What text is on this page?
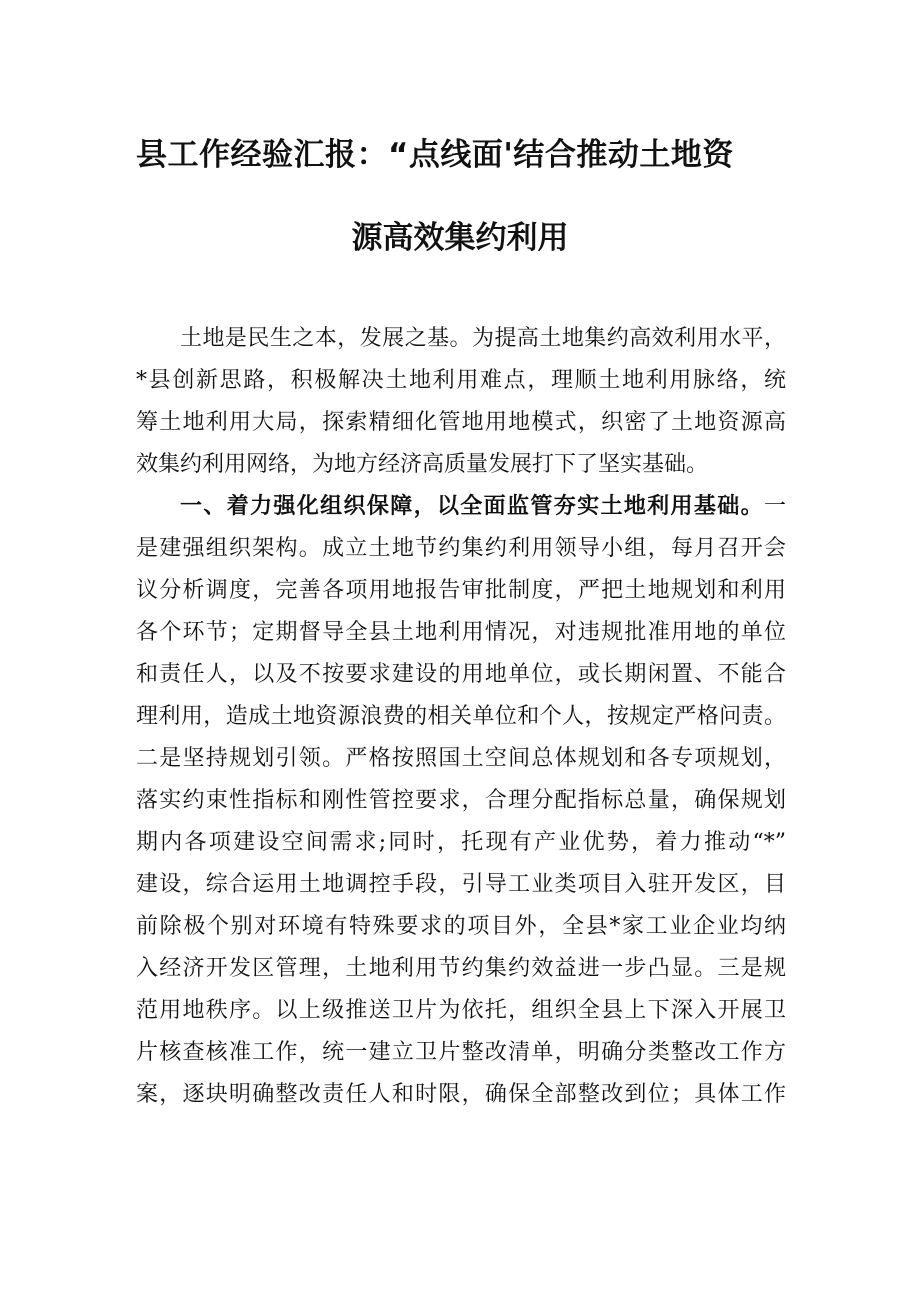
县工作经验汇报：“点线面'结合推动土地资
源高效集约利用
土地是民生之本，发展之基。为提高土地集约高效利用水平，
*县创新思路，积极解决土地利用难点，理顺土地利用脉络，统
筹土地利用大局，探索精细化管地用地模式，织密了土地资源高
效集约利用网络，为地方经济高质量发展打下了坚实基础。
一、着力强化组织保障，以全面监管夯实土地利用基础。一
是建强组织架构。成立土地节约集约利用领导小组，每月召开会
议分析调度，完善各项用地报告审批制度，严把土地规划和利用
各个环节；定期督导全县土地利用情况，对违规批准用地的单位
和责任人，以及不按要求建设的用地单位，或长期闲置、不能合
理利用，造成土地资源浪费的相关单位和个人，按规定严格问责。
二是坚持规划引领。严格按照国土空间总体规划和各专项规划，
落实约束性指标和刚性管控要求，合理分配指标总量，确保规划
期内各项建设空间需求;同时，托现有产业优势，着力推动“*”
建设，综合运用土地调控手段，引导工业类项目入驻开发区，目
前除极个别对环境有特殊要求的项目外，全县*家工业企业均纳
入经济开发区管理，土地利用节约集约效益进一步凸显。三是规
范用地秩序。以上级推送卫片为依托，组织全县上下深入开展卫
片核查核准工作，统一建立卫片整改清单，明确分类整改工作方
案，逐块明确整改责任人和时限，确保全部整改到位；具体工作
